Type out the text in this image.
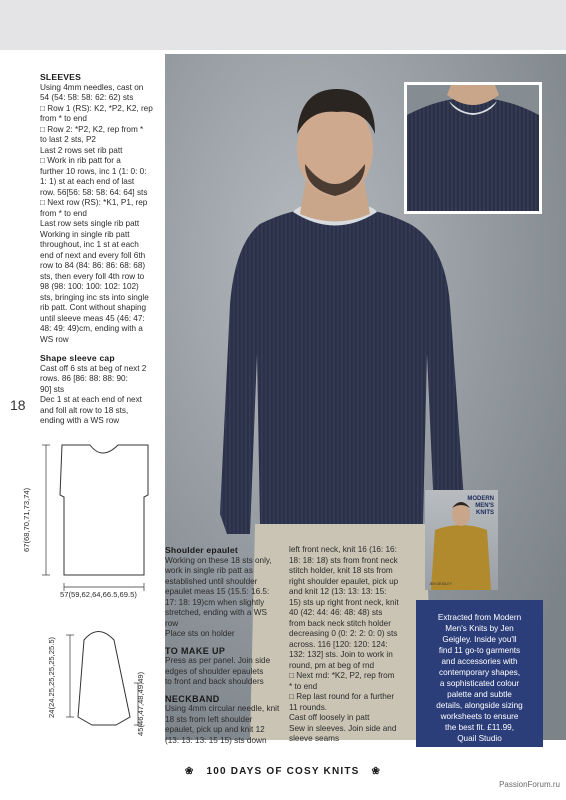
MODERN
MEN'S
KNITS
JEN GEIGLEY

Extracted from Modern

Men's Knits by Jen

Geigley. Inside you'll

find 11 go-to garments

and accessories with

contemporary shapes,

a sophisticated colour

palette and subtle

details, alongside sizing

worksheets to ensure

the best fit. £11.99,

Quail Studio

18
SLEEVES

Using 4mm needles, cast on

54 (54: 58: 58: 62: 62) sts

□ Row 1 (RS): K2, *P2, K2, rep

from * to end

□ Row 2: *P2, K2, rep from *

to last 2 sts, P2

Last 2 rows set rib patt

□ Work in rib patt for a

further 10 rows, inc 1 (1: 0: 0:

1: 1) st at each end of last

row. 56[56: 58: 58: 64: 64] sts

□ Next row (RS): *K1, P1, rep

from * to end

Last row sets single rib patt

Working in single rib patt

throughout, inc 1 st at each

end of next and every foll 6th

row to 84 (84: 86: 86: 68: 68)

sts, then every foll 4th row to

98 (98: 100: 100: 102: 102)

sts, bringing inc sts into single

rib patt. Cont without shaping

until sleeve meas 45 (46: 47:

48: 49: 49)cm, ending with a

WS row

Shape sleeve cap

Cast off 6 sts at beg of next 2

rows. 86 [86: 88: 88: 90:

90] sts

Dec 1 st at each end of next

and foll alt row to 18 sts,

ending with a WS row

Shoulder epaulet

Working on these 18 sts only,

work in single rib patt as

established until shoulder

epaulet meas 15 (15.5: 16.5:

17: 18: 19)cm when slightly

stretched, ending with a WS row

Place sts on holder

TO MAKE UP

Press as per panel. Join side

edges of shoulder epaulets

to front and back shoulders

NECKBAND

Using 4mm circular needle, knit

18 sts from left shoulder

epaulet, pick up and knit 12

(13: 13: 13: 15 15) sts down

left front neck, knit 16 (16: 16:

18: 18: 18) sts from front neck

stitch holder, knit 18 sts from

right shoulder epaulet, pick up

and knit 12 (13: 13: 13: 15:

15) sts up right front neck, knit

40 (42: 44: 46: 48: 48) sts

from back neck stitch holder

decreasing 0 (0: 2: 2: 0: 0) sts

across. 116 [120: 120: 124:

132: 132] sts. Join to work in

round, pm at beg of rnd

□ Next rnd: *K2, P2, rep from

* to end

□ Rep last round for a further

11 rounds.

Cast off loosely in patt

Sew in sleeves. Join side and

sleeve seams

67(68,70,71,73,74)
57(59,62,64,66.5,69.5)
24(24.25,25,25,25,25.5)	45(46,47,48,49,49)
❀ 100 DAYS OF COSY KNITS ❀
PassionForum.ru
